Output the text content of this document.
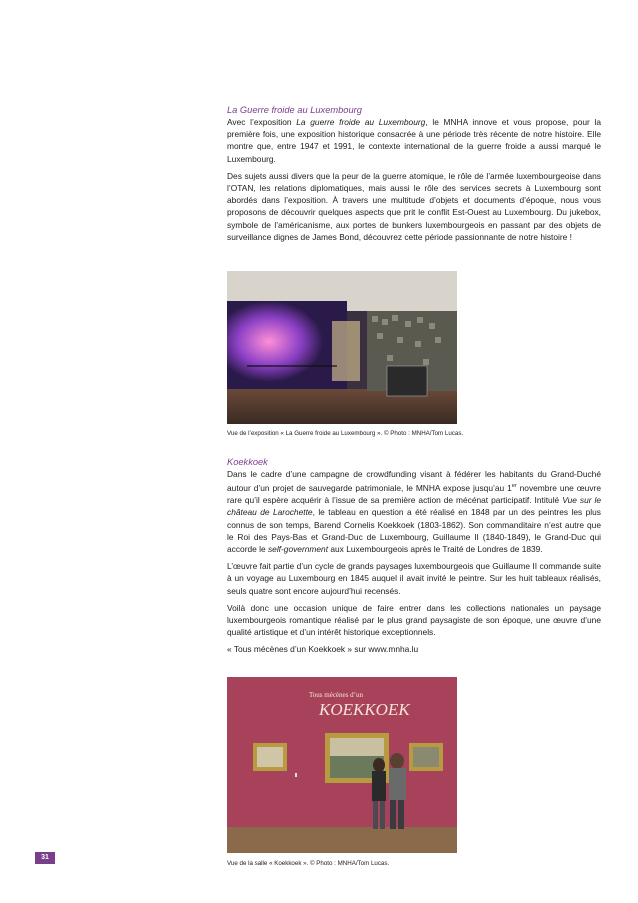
La Guerre froide au Luxembourg

Avec l’exposition La guerre froide au Luxembourg, le MNHA innove et vous propose, pour la première fois, une exposition historique consacrée à une période très récente de notre histoire. Elle montre que, entre 1947 et 1991, le contexte international de la guerre froide a aussi marqué le Luxembourg.

Des sujets aussi divers que la peur de la guerre atomique, le rôle de l’armée luxembourgeoise dans l’OTAN, les relations diplomatiques, mais aussi le rôle des services secrets à Luxembourg sont abordés dans l’exposition. À travers une multitude d’objets et documents d’époque, nous vous proposons de découvrir quelques aspects que prit le conflit Est-Ouest au Luxembourg. Du jukebox, symbole de l’américanisme, aux portes de bunkers luxembourgeois en passant par des objets de surveillance dignes de James Bond, découvrez cette période passionnante de notre histoire !

Vue de l’exposition « La Guerre froide au Luxembourg ». © Photo : MNHA/Tom Lucas.
Koekkoek

Dans le cadre d’une campagne de crowdfunding visant à fédérer les habitants du Grand-Duché autour d’un projet de sauvegarde patrimoniale, le MNHA expose jusqu’au 1er novembre une œuvre rare qu’il espère acquérir à l’issue de sa première action de mécénat participatif. Intitulé Vue sur le château de Larochette, le tableau en question a été réalisé en 1848 par un des peintres les plus connus de son temps, Barend Cornelis Koekkoek (1803-1862). Son commanditaire n’est autre que le Roi des Pays-Bas et Grand-Duc de Luxembourg, Guillaume II (1840-1849), le Grand-Duc qui accorde le self-government aux Luxembourgeois après le Traité de Londres de 1839.

L’œuvre fait partie d’un cycle de grands paysages luxembourgeois que Guillaume II commande suite à un voyage au Luxembourg en 1845 auquel il avait invité le peintre. Sur les huit tableaux réalisés, seuls quatre sont encore aujourd’hui recensés.

Voilà donc une occasion unique de faire entrer dans les collections nationales un paysage luxembourgeois romantique réalisé par le plus grand paysagiste de son époque, une œuvre d’une qualité artistique et d’un intérêt historique exceptionnels.

« Tous mécènes d’un Koekkoek » sur www.mnha.lu

Tous mécènes d’un
KOEKKOEK
Vue de la salle « Koekkoek ». © Photo : MNHA/Tom Lucas.
31
